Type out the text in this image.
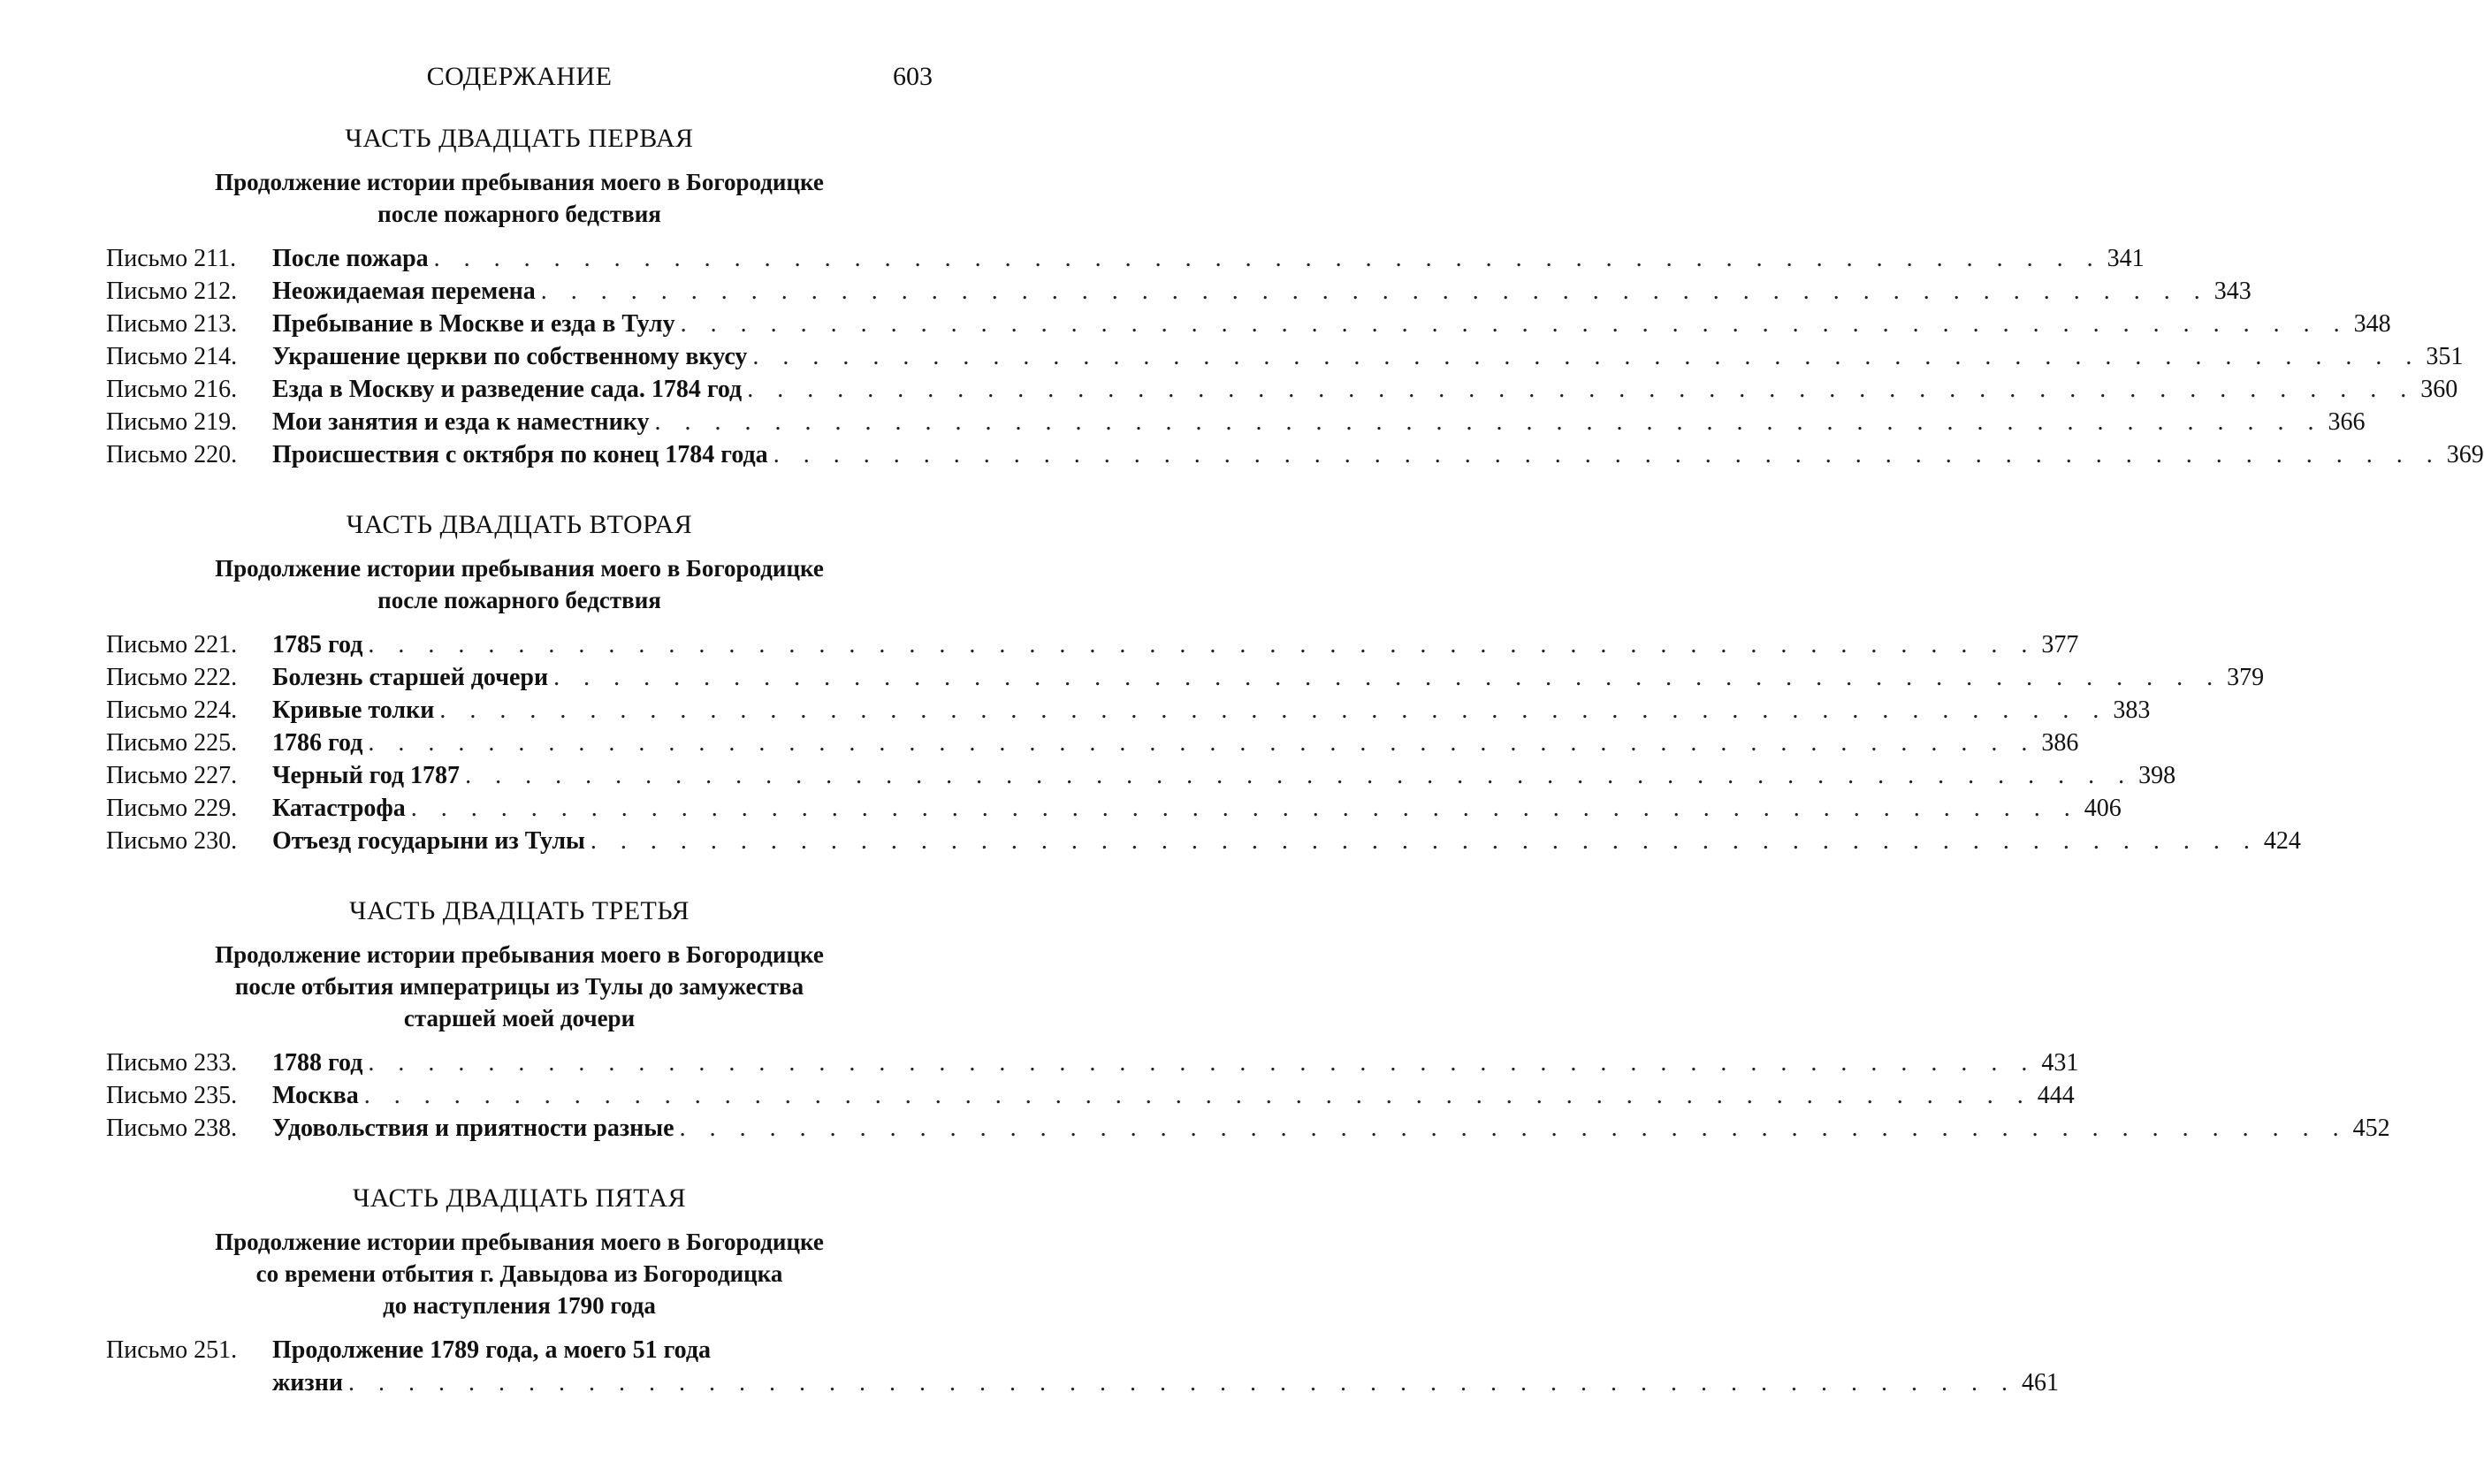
СОДЕРЖАНИЕ	603
ЧАСТЬ ДВАДЦАТЬ ПЕРВАЯ
Продолжение истории пребывания моего в Богородицке
после пожарного бедствия
Письмо 211.	После пожара . . .	341
Письмо 212.	Неожидаемая перемена . . .	343
Письмо 213.	Пребывание в Москве и езда в Тулу . . .	348
Письмо 214.	Украшение церкви по собственному вкусу . . .	351
Письмо 216.	Езда в Москву и разведение сада. 1784 год . . .	360
Письмо 219.	Мои занятия и езда к наместнику . . .	366
Письмо 220.	Происшествия с октября по конец 1784 года . . .	369
ЧАСТЬ ДВАДЦАТЬ ВТОРАЯ
Продолжение истории пребывания моего в Богородицке
после пожарного бедствия
Письмо 221.	1785 год . . .	377
Письмо 222.	Болезнь старшей дочери . . .	379
Письмо 224.	Кривые толки . . .	383
Письмо 225.	1786 год . . .	386
Письмо 227.	Черный год 1787 . . .	398
Письмо 229.	Катастрофа . . .	406
Письмо 230.	Отъезд государыни из Тулы . . .	424
ЧАСТЬ ДВАДЦАТЬ ТРЕТЬЯ
Продолжение истории пребывания моего в Богородицке
после отбытия императрицы из Тулы до замужества
старшей моей дочери
Письмо 233.	1788 год . . .	431
Письмо 235.	Москва . . .	444
Письмо 238.	Удовольствия и приятности разные . . .	452
ЧАСТЬ ДВАДЦАТЬ ПЯТАЯ
Продолжение истории пребывания моего в Богородицке
со времени отбытия г. Давыдова из Богородицка
до наступления 1790 года
Письмо 251.	Продолжение 1789 года, а моего 51 года
жизни . . .	461
